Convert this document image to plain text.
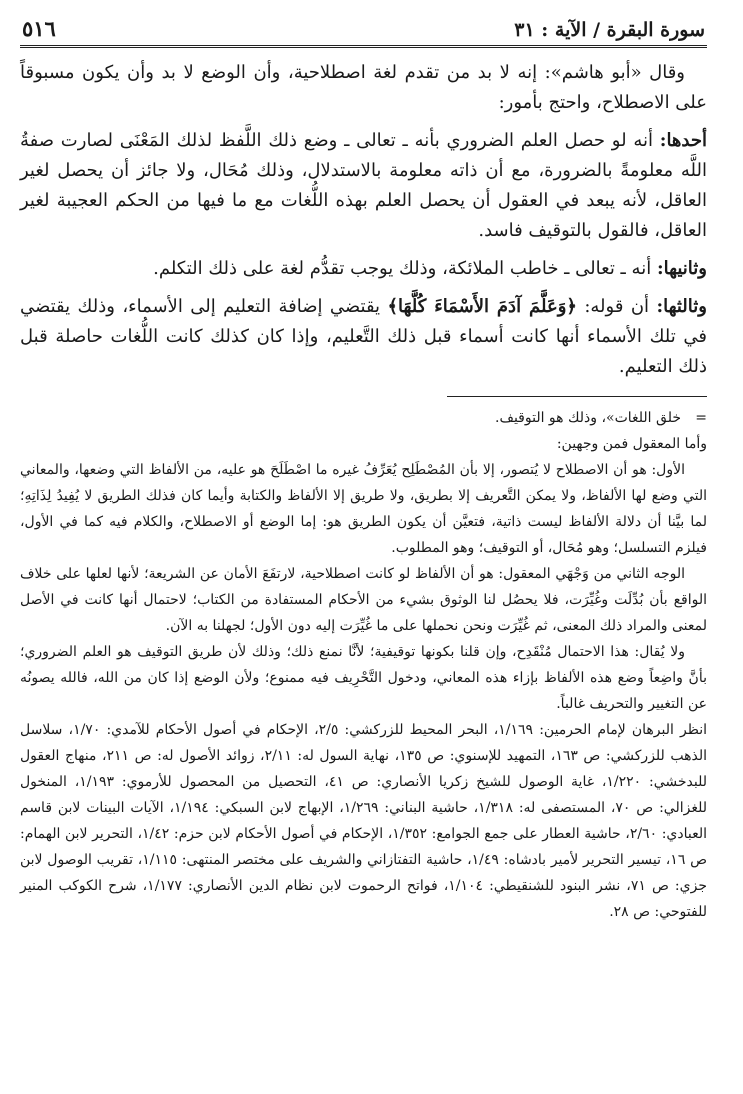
سورة البقرة / الآية : ٣١
٥١٦

وقال «أبو هاشم»: إنه لا بد من تقدم لغة اصطلاحية، وأن الوضع لا بد وأن يكون مسبوقاً على الاصطلاح، واحتج بأمور:

أحدها: أنه لو حصل العلم الضروري بأنه ـ تعالى ـ وضع ذلك اللَّفظ لذلك المَعْنَى لصارت صفةُ اللَّه معلومةً بالضرورة، مع أن ذاته معلومة بالاستدلال، وذلك مُحَال، ولا جائز أن يحصل لغير العاقل، لأنه يبعد في العقول أن يحصل العلم بهذه اللُّغات مع ما فيها من الحكم العجيبة لغير العاقل، فالقول بالتوقيف فاسد.

وثانيها: أنه ـ تعالى ـ خاطب الملائكة، وذلك يوجب تقدُّم لغة على ذلك التكلم.

وثالثها: أن قوله: ﴿وَعَلَّمَ آدَمَ الأَسْمَاءَ كُلَّهَا﴾ يقتضي إضافة التعليم إلى الأسماء، وذلك يقتضي في تلك الأسماء أنها كانت أسماء قبل ذلك التَّعليم، وإذا كان كذلك كانت اللُّغات حاصلة قبل ذلك التعليم.

=
خلق اللغات»، وذلك هو التوقيف.

وأما المعقول فمن وجهين:

الأول: هو أن الاصطلاح لا يُتصور، إلا بأن المُصْطَلِح يُعَرِّفُ غيره ما اصْطَلَحَ هو عليه، من الألفاظ التي وضعها، والمعاني التي وضع لها الألفاظ، ولا يمكن التَّعريف إلا بطريق، ولا طريق إلا الألفاظ والكتابة وأيما كان فذلك الطريق لا يُفِيدُ لِذَاتِهِ؛ لما بيَّنا أن دلالة الألفاظ ليست ذاتية، فتعيَّن أن يكون الطريق هو: إما الوضع أو الاصطلاح، والكلام فيه كما في الأول، فيلزم التسلسل؛ وهو مُحَال، أو التوقيف؛ وهو المطلوب.

الوجه الثاني من وَجْهَي المعقول: هو أن الألفاظ لو كانت اصطلاحية، لارتفَعَ الأمان عن الشريعة؛ لأنها لعلها على خلاف الواقع بأن بُدِّلَت وغُيِّرَت، فلا يحصُل لنا الوثوق بشيء من الأحكام المستفادة من الكتاب؛ لاحتمال أنها كانت في الأصل لمعنى والمراد ذلك المعنى، ثم غُيِّرَت ونحن نحملها على ما غُيِّرَت إليه دون الأول؛ لجهلنا به الآن.

ولا يُقال: هذا الاحتمال مُنْقَدِح، وإن قلنا بكونها توقيفية؛ لأنَّا نمنع ذلك؛ وذلك لأن طريق التوقيف هو العلم الضروري؛ بأنَّ واضِعاً وضع هذه الألفاظ بإزاء هذه المعاني، ودخول التَّحْرِيف فيه ممنوع؛ ولأن الوضع إذا كان من الله، فالله يصونُه عن التغيير والتحريف غالباً.

انظر البرهان لإمام الحرمين: ١/١٦٩، البحر المحيط للزركشي: ٢/٥، الإحكام في أصول الأحكام للآمدي: ١/٧٠، سلاسل الذهب للزركشي: ص ١٦٣، التمهيد للإسنوي: ص ١٣٥، نهاية السول له: ٢/١١، زوائد الأصول له: ص ٢١١، منهاج العقول للبدخشي: ١/٢٢٠، غاية الوصول للشيخ زكريا الأنصاري: ص ٤١، التحصيل من المحصول للأرموي: ١/١٩٣، المنخول للغزالي: ص ٧٠، المستصفى له: ١/٣١٨، حاشية البناني: ١/٢٦٩، الإبهاج لابن السبكي: ١/١٩٤، الآيات البينات لابن قاسم العبادي: ٢/٦٠، حاشية العطار على جمع الجوامع: ١/٣٥٢، الإحكام في أصول الأحكام لابن حزم: ١/٤٢، التحرير لابن الهمام: ص ١٦، تيسير التحرير لأمير بادشاه: ١/٤٩، حاشية التفتازاني والشريف على مختصر المنتهى: ١/١١٥، تقريب الوصول لابن جزي: ص ٧١، نشر البنود للشنقيطي: ١/١٠٤، فواتح الرحموت لابن نظام الدين الأنصاري: ١/١٧٧، شرح الكوكب المنير للفتوحي: ص ٢٨.
